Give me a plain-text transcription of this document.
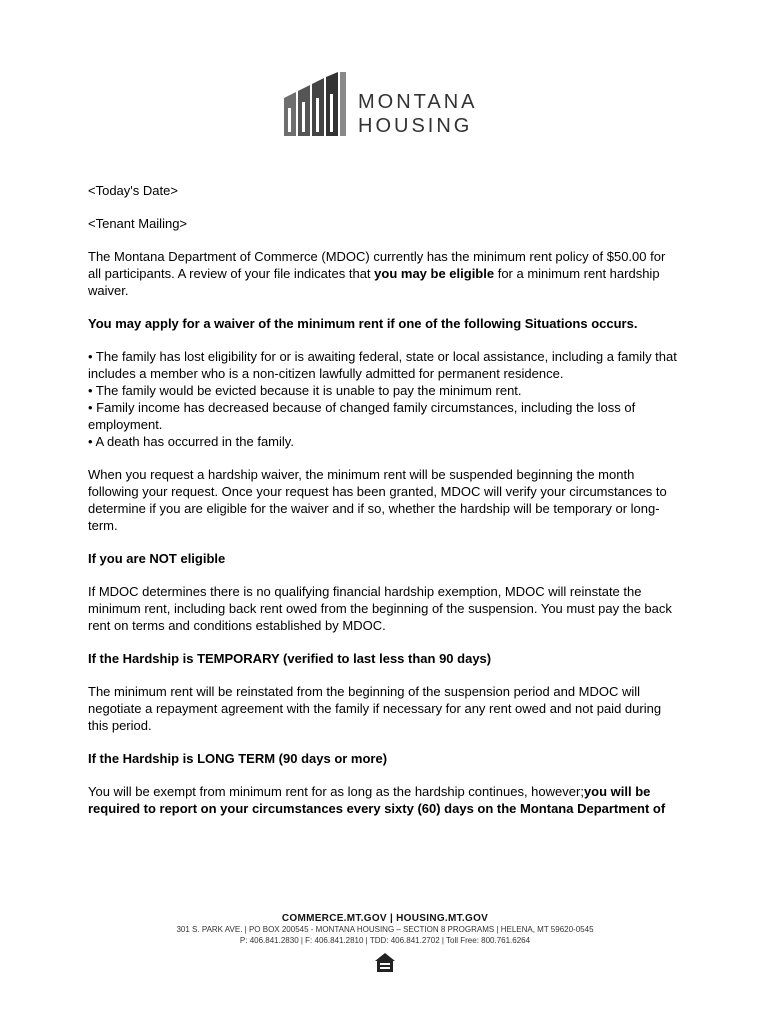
MONTANA
HOUSING

<Today's Date>

<Tenant Mailing>

The Montana Department of Commerce (MDOC) currently has the minimum rent policy of $50.00 for all participants. A review of your file indicates that you may be eligible for a minimum rent hardship waiver.

You may apply for a waiver of the minimum rent if one of the following Situations occurs.

• The family has lost eligibility for or is awaiting federal, state or local assistance, including a family that includes a member who is a non-citizen lawfully admitted for permanent residence.
• The family would be evicted because it is unable to pay the minimum rent.
• Family income has decreased because of changed family circumstances, including the loss of employment.
• A death has occurred in the family.

When you request a hardship waiver, the minimum rent will be suspended beginning the month following your request. Once your request has been granted, MDOC will verify your circumstances to determine if you are eligible for the waiver and if so, whether the hardship will be temporary or long-term.

If you are NOT eligible

If MDOC determines there is no qualifying financial hardship exemption, MDOC will reinstate the minimum rent, including back rent owed from the beginning of the suspension. You must pay the back rent on terms and conditions established by MDOC.

If the Hardship is TEMPORARY (verified to last less than 90 days)

The minimum rent will be reinstated from the beginning of the suspension period and MDOC will negotiate a repayment agreement with the family if necessary for any rent owed and not paid during this period.

If the Hardship is LONG TERM (90 days or more)

You will be exempt from minimum rent for as long as the hardship continues, however;you will be required to report on your circumstances every sixty (60) days on the Montana Department of

COMMERCE.MT.GOV | HOUSING.MT.GOV
301 S. PARK AVE. | PO BOX 200545 - MONTANA HOUSING – SECTION 8 PROGRAMS | HELENA, MT 59620-0545
P: 406.841.2830 | F: 406.841.2810 | TDD: 406.841.2702 | Toll Free: 800.761.6264
